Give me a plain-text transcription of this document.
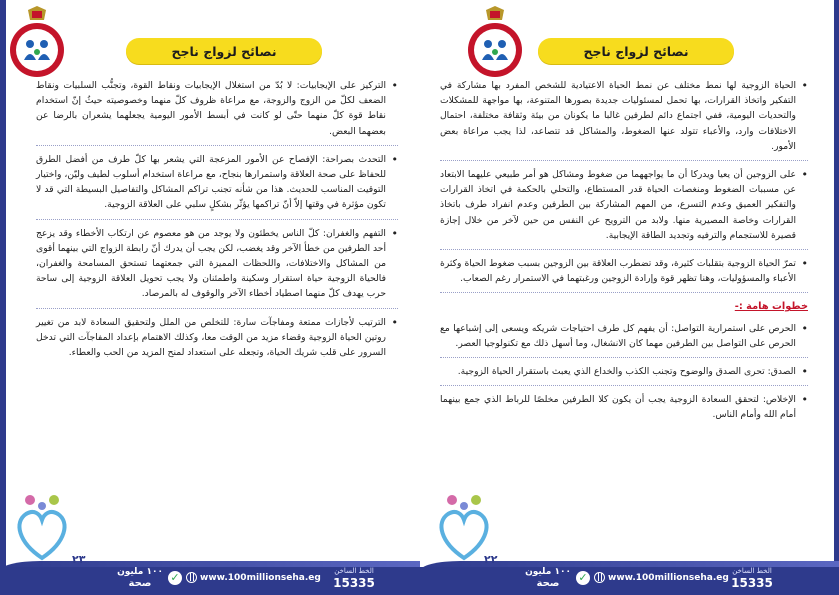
نصائح لزواج ناجح
• التركيز على الإيجابيات: لا بُدّ من استغلال الإيجابيات ونقاط القوة، وتجنُّب السلبيات ونقاط الضعف لكلّ من الزوج والزوجة، مع مراعاة ظروف كلّ منهما وخصوصيته حيثُ إنّ استخدام نقاط قوة كلّ منهما حتّى لو كانت في أبسط الأمور اليومية يجعلهما يشعران بالرضا عن بعضهما البعض.
• التحدث بصراحة: الإفصاح عن الأمور المزعجة التي يشعر بها كلّ طرف من أفضل الطرق للحفاظ على صحة العلاقة واستمرارها بنجاح، مع مراعاة استخدام أسلوب لطيف وليّن، واختيار التوقيت المناسب للحديث. هذا من شأنه تجنب تراكم المشاكل والتفاصيل البسيطة التي قد لا تكون مؤثرة في وقتها إلاّ أنّ تراكمها يؤثّر بشكلٍ سلبي على العلاقة الزوجية.
• التفهم والغفران: كلّ الناس يخطئون ولا يوجد من هو معصوم عن ارتكاب الأخطاء وقد يزعج أحد الطرفين من خطأ الآخر وقد يغضب، لكن يجب أن يدرك أنّ رابطة الزواج التي بينهما أقوى من المشاكل والاختلافات، واللحظات المميزة التي جمعتهما تستحق المسامحة والغفران، فالحياة الزوجية حياة استقرار وسكينة واطمئنان ولا يجب تحويل العلاقة الزوجية إلى ساحة حرب يهدف كلّ منهما اصطياد أخطاء الآخر والوقوف له بالمرصاد.
• الترتيب لأجازات ممتعة ومفاجآت سارة: للتخلص من الملل ولتحقيق السعادة لابد من تغيير روتين الحياة الزوجية وقضاء مزيد من الوقت معا، وكذلك الاهتمام بإعداد المفاجآت التي تدخل السرور على قلب شريك الحياة، وتجعله على استعداد لمنح المزيد من الحب والعطاء.
٢٣
١٠٠ مليون
صحة	✓	www.100millionseha.eg
الخط الساخن
15335
نصائح لزواج ناجح
• الحياة الزوجية لها نمط مختلف عن نمط الحياة الاعتيادية للشخص المفرد بها مشاركة في التفكير واتخاذ القرارات، بها تحمل لمسئوليات جديدة بصورها المتنوعة، بها مواجهة للمشكلات والتحديات اليومية، ففي اجتماع دائم لطرفين غالبا ما يكونان من بيئة وثقافة مختلفة، احتمال الاختلافات وارد، والأعباء تتولد عنها الضغوط، والمشاكل قد تتصاعد، لذا يجب مراعاة بعض الأمور.
• على الزوجين أن يعيا ويدركا أن ما يواجههما من ضغوط ومشاكل هو أمر طبيعي عليهما الابتعاد عن مسببات الضغوط ومنغصات الحياة قدر المستطاع، والتحلي بالحكمة في اتخاذ القرارات والتفكير العميق وعدم التسرع، من المهم المشاركة بين الطرفين وعدم انفراد طرف باتخاذ القرارات وخاصة المصيرية منها. ولابد من الترويح عن النفس من حين لآخر من خلال إجازة قصيرة للاستجمام والترفيه وتجديد الطاقة الإيجابية.
• تمرّ الحياة الزوجية بتقلبات كثيرة، وقد تضطرب العلاقة بين الزوجين بسبب ضغوط الحياة وكثرة الأعباء والمسؤوليات، وهنا تظهر قوة وإرادة الزوجين ورغبتهما في الاستمرار رغم الصعاب.
خطوات هامة :-
• الحرص على استمرارية التواصل: أن يفهم كل طرف احتياجات شريكه ويسعى إلى إشباعها مع الحرص على التواصل بين الطرفين مهما كان الانشغال، وما أسهل ذلك مع تكنولوجيا العصر.
• الصدق: تحرى الصدق والوضوح وتجنب الكذب والخداع الذي يعبث باستقرار الحياة الزوجية.
• الإخلاص: لتحقق السعادة الزوجية يجب أن يكون كلا الطرفين مخلصًا للرباط الذي جمع بينهما أمام الله وأمام الناس.
٢٢
١٠٠ مليون
صحة	✓	www.100millionseha.eg
الخط الساخن
15335
